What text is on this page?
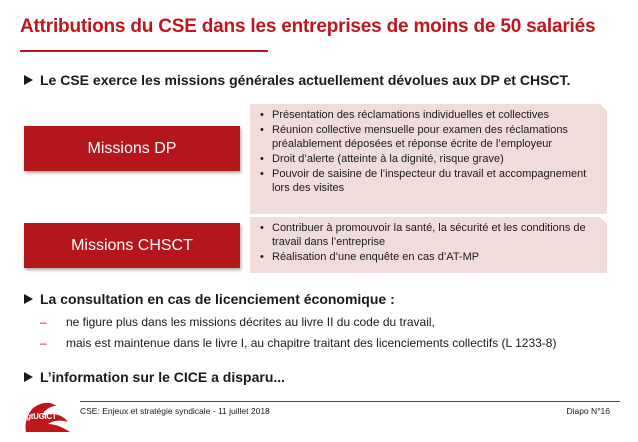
Attributions du CSE dans les entreprises de moins de 50 salariés
Le CSE exerce les missions générales actuellement dévolues aux DP et CHSCT.
• Présentation des réclamations individuelles et collectives
• Réunion collective mensuelle pour examen des réclamations préalablement déposées et réponse écrite de l’employeur
• Droit d’alerte (atteinte à la dignité, risque grave)
• Pouvoir de saisine de l’inspecteur du travail et accompagnement lors des visites
Missions DP
• Contribuer à promouvoir la santé, la sécurité et les conditions de travail dans l’entreprise
• Réalisation d’une enquête en cas d’AT-MP
Missions CHSCT
La consultation en cas de licenciement économique :
–	ne figure plus dans les missions décrites au livre II du code du travail,
–	mais est maintenue dans le livre I, au chapitre traitant des licenciements collectifs (L 1233-8)
L’information sur le CICE a disparu...
cgtUGICT
CSE: Enjeux et stratégie syndicale - 11 juillet 2018	Diapo N°16
